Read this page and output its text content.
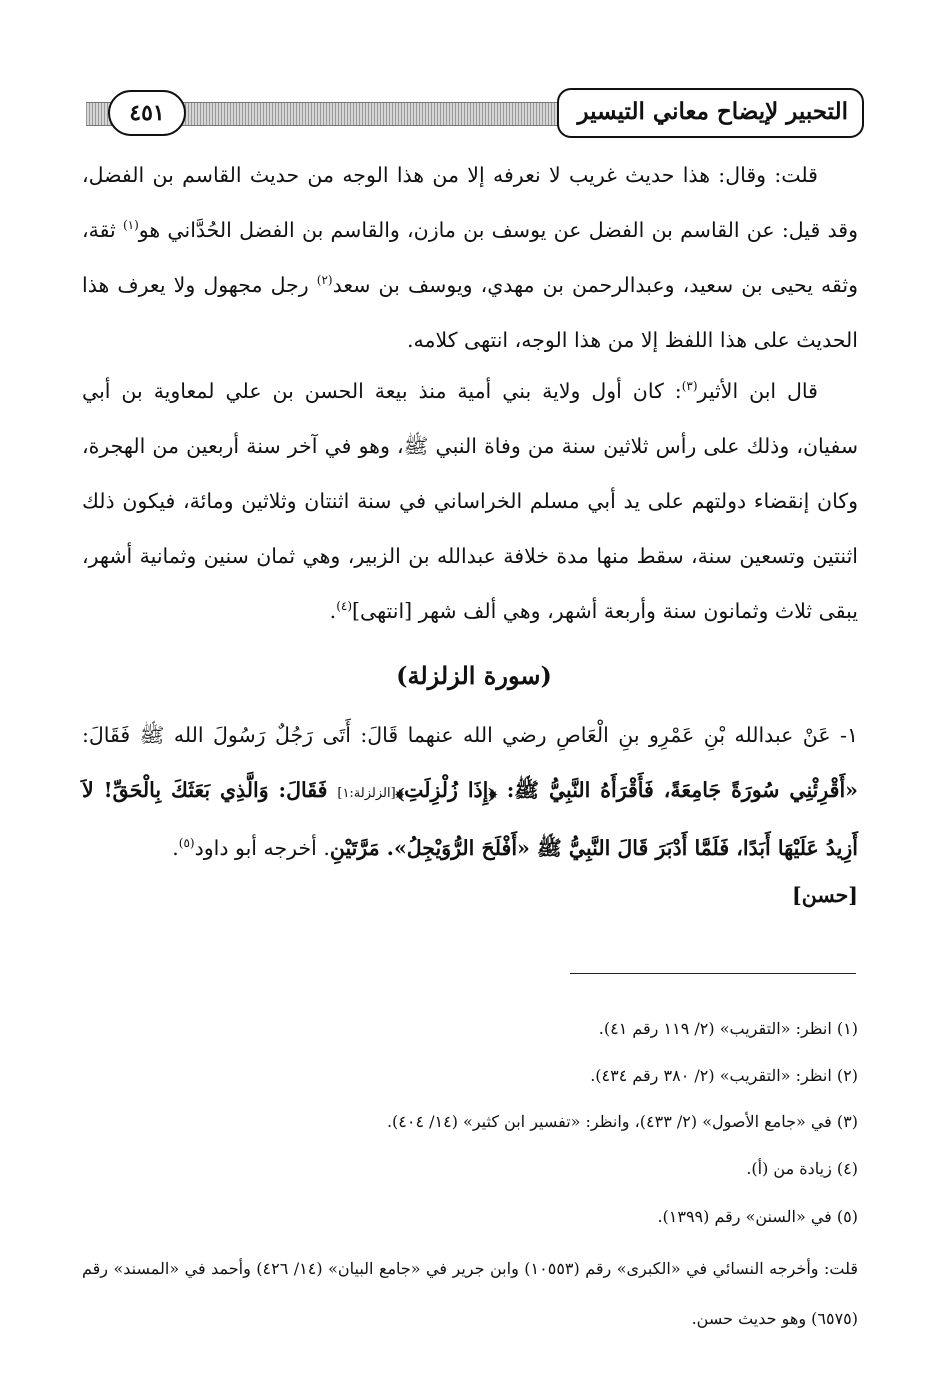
التحبير لإيضاح معاني التيسير
٤٥١

قلت: وقال: هذا حديث غريب لا نعرفه إلا من هذا الوجه من حديث القاسم بن الفضل، وقد قيل: عن القاسم بن الفضل عن يوسف بن مازن، والقاسم بن الفضل الحُدَّاني هو$^{(١)}$ ثقة، وثقه يحيى بن سعيد، وعبدالرحمن بن مهدي، ويوسف بن سعد$^{(٢)}$ رجل مجهول ولا يعرف هذا الحديث على هذا اللفظ إلا من هذا الوجه، انتهى كلامه.

قال ابن الأثير$^{(٣)}$: كان أول ولاية بني أمية منذ بيعة الحسن بن علي لمعاوية بن أبي سفيان، وذلك على رأس ثلاثين سنة من وفاة النبي ﷺ، وهو في آخر سنة أربعين من الهجرة، وكان إنقضاء دولتهم على يد أبي مسلم الخراساني في سنة اثنتان وثلاثين ومائة، فيكون ذلك اثنتين وتسعين سنة، سقط منها مدة خلافة عبدالله بن الزبير، وهي ثمان سنين وثمانية أشهر، يبقى ثلاث وثمانون سنة وأربعة أشهر، وهي ألف شهر [انتهى]$^{(٤)}$.

(سورة الزلزلة)

١- عَنْ عبدالله بْنِ عَمْرِو بنِ الْعَاصِ رضي الله عنهما قَالَ: أَتَى رَجُلٌ رَسُولَ الله ﷺ فَقَالَ: «أَقْرِئْنِي سُورَةً جَامِعَةً، فَأَقْرَأَهُ النَّبِيُّ ﷺ: ﴿إِذَا زُلْزِلَتِ﴾[الزلزلة:١] فَقَالَ: وَالَّذِي بَعَثَكَ بِالْحَقِّ! لاَ أَزِيدُ عَلَيْهَا أَبَدًا، فَلَمَّا أَدْبَرَ قَالَ النَّبِيُّ ﷺ «أَفْلَحَ الرُّوَيْجِلُ». مَرَّتَيْنِ. أخرجه أبو داود$^{(٥)}$.

[حسن]

(١) انظر: «التقريب» (٢/ ١١٩ رقم ٤١).

(٢) انظر: «التقريب» (٢/ ٣٨٠ رقم ٤٣٤).

(٣) في «جامع الأصول» (٢/ ٤٣٣)، وانظر: «تفسير ابن كثير» (١٤/ ٤٠٤).

(٤) زيادة من (أ).

(٥) في «السنن» رقم (١٣٩٩).

قلت: وأخرجه النسائي في «الكبرى» رقم (١٠٥٥٣) وابن جرير في «جامع البيان» (١٤/ ٤٢٦) وأحمد في «المسند» رقم (٦٥٧٥) وهو حديث حسن.
